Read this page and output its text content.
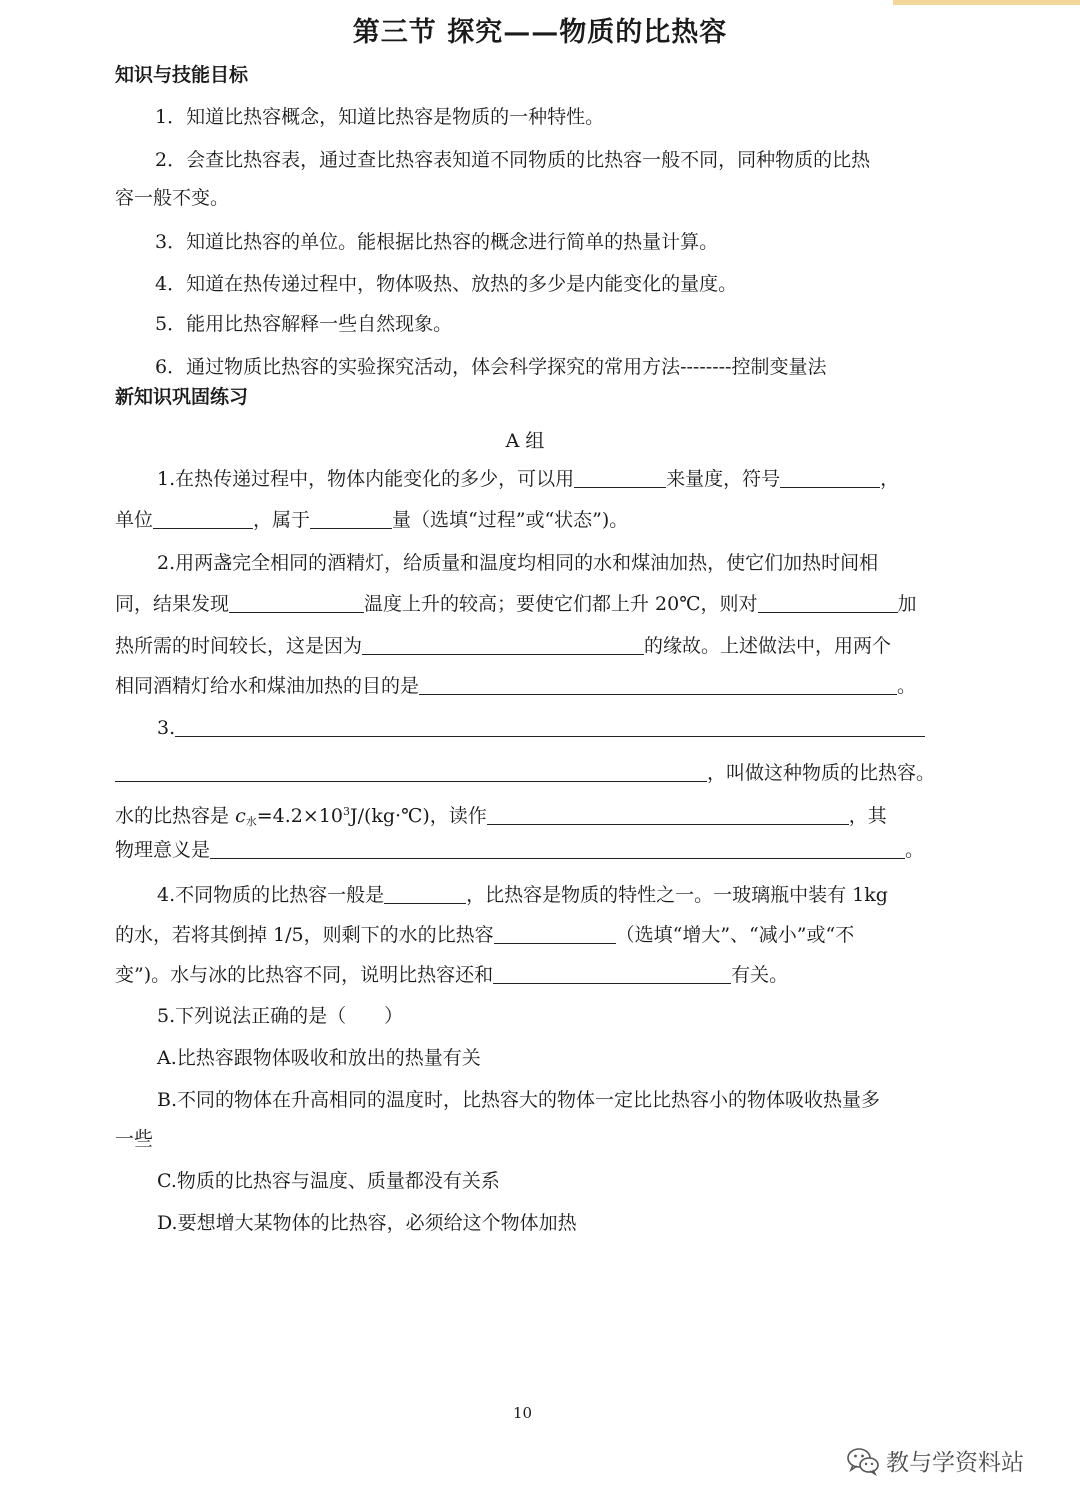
第三节 探究——物质的比热容
知识与技能目标
1．知道比热容概念，知道比热容是物质的一种特性。
2．会查比热容表，通过查比热容表知道不同物质的比热容一般不同，同种物质的比热
容一般不变。
3．知道比热容的单位。能根据比热容的概念进行简单的热量计算。
4．知道在热传递过程中，物体吸热、放热的多少是内能变化的量度。
5．能用比热容解释一些自然现象。
6．通过物质比热容的实验探究活动，体会科学探究的常用方法--------控制变量法
新知识巩固练习
A 组
1.在热传递过程中，物体内能变化的多少，可以用	来量度，符号	，
单位	，属于	量（选填“过程”或“状态”)。
2.用两盏完全相同的酒精灯，给质量和温度均相同的水和煤油加热，使它们加热时间相
同，结果发现	温度上升的较高；要使它们都上升 20℃，则对	加
热所需的时间较长，这是因为	的缘故。上述做法中，用两个
相同酒精灯给水和煤油加热的目的是	。
3.
，叫做这种物质的比热容。
水的比热容是 $c_水=4.2\times 10^3J/(kg\cdot℃)$，读作	，其
物理意义是	。
4.不同物质的比热容一般是	，比热容是物质的特性之一。一玻璃瓶中装有 1kg
的水，若将其倒掉 1/5，则剩下的水的比热容	（选填“增大”、“减小”或“不
变”)。水与冰的比热容不同，说明比热容还和	有关。
5.下列说法正确的是（　　）
A.比热容跟物体吸收和放出的热量有关
B.不同的物体在升高相同的温度时，比热容大的物体一定比比热容小的物体吸收热量多
一些
C.物质的比热容与温度、质量都没有关系
D.要想增大某物体的比热容，必须给这个物体加热
10
教与学资料站
